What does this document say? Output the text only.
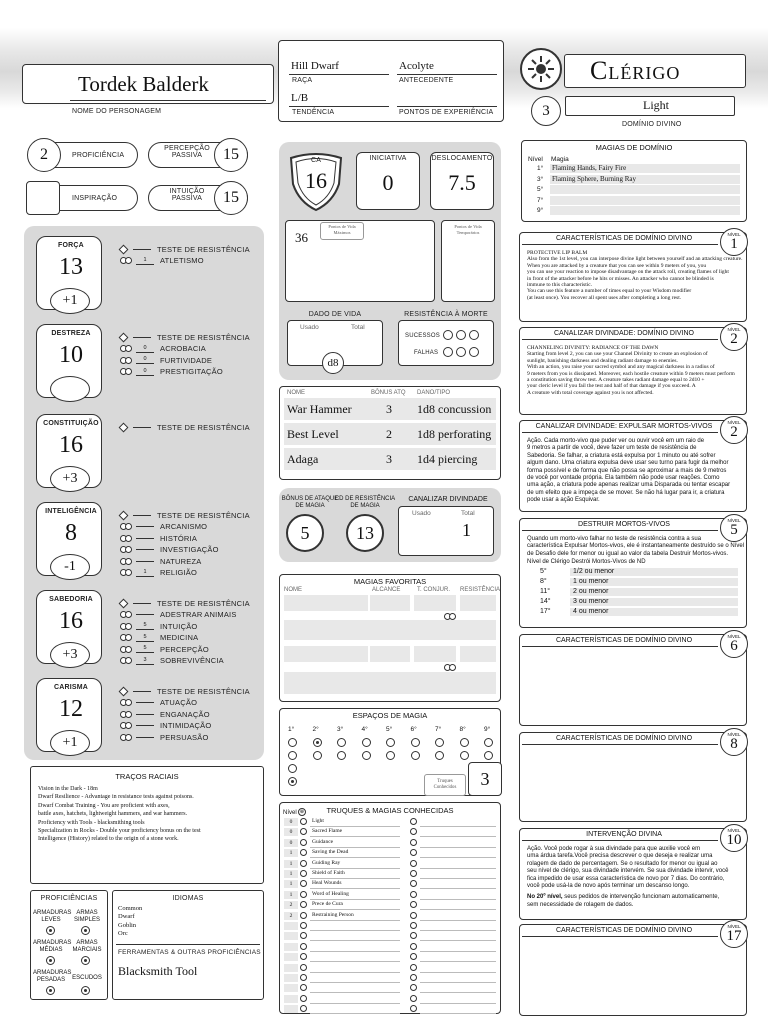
Tordek Balderk
NOME DO PERSONAGEM
Hill Dwarf
RAÇA
Acolyte
ANTECEDENTE
L/B
TENDÊNCIA	PONTOS DE EXPERIÊNCIA
Clérigo
3	Light
DOMÍNIO DIVINO
2	PROFICIÊNCIA
PERCEPÇÃO
PASSIVA	15
INSPIRAÇÃO
INTUIÇÃO
PASSIVA	15
FORÇA
13
+1
TESTE DE RESISTÊNCIA
1	ATLETISMO
DESTREZA
10
TESTE DE RESISTÊNCIA
0	ACROBACIA
0	FURTIVIDADE
0	PRESTIGITAÇÃO
CONSTITUIÇÃO
16
+3
TESTE DE RESISTÊNCIA
INTELIGÊNCIA
8
-1
TESTE DE RESISTÊNCIA
ARCANISMO
HISTÓRIA
INVESTIGAÇÃO
NATUREZA
1	RELIGIÃO
SABEDORIA
16
+3
TESTE DE RESISTÊNCIA
ADESTRAR ANIMAIS
5	INTUIÇÃO
5	MEDICINA
5	PERCEPÇÃO
3	SOBREVIVÊNCIA
CARISMA
12
+1
TESTE DE RESISTÊNCIA
ATUAÇÃO
ENGANAÇÃO
INTIMIDAÇÃO
PERSUASÃO
TRAÇOS RACIAIS
Vision in the Dark - 18m
Dwarf Resilience - Advantage in resistance tests against poisons.
Dwarf Combat Training - You are proficient with axes,
battle axes, hatchets, lightweight hammers, and war hammers.
Proficiency with Tools - blacksmithing tools
Specialization in Rocks - Double your proficiency bonus on the test
Intelligence (History) related to the origin of a stone work.
PROFICIÊNCIAS
ARMADURAS LEVES
ARMAS SIMPLES
ARMADURAS MÉDIAS
ARMAS MARCIAIS
ARMADURAS PESADAS	ESCUDOS
IDIOMAS
Common
Dwarf
Goblin
Orc
FERRAMENTAS & OUTRAS PROFICIÊNCIAS
Blacksmith Tool
CA
16
INICIATIVA
0
DESLOCAMENTO
7.5
36
Pontos de Vida Máximos
Pontos de Vida Temporários
DADO DE VIDA
Usado	Total
d8
RESISTÊNCIA À MORTE
SUCESSOS
FALHAS
NOME	BÔNUS ATQ DANO/TIPO
War Hammer	3 1d8 concussion
Best Level	2 1d8 perforating
Adaga	3 1d4 piercing
BÔNUS DE ATAQUE DE MAGIA
5
CD DE RESISTÊNCIA DE MAGIA
13
CANALIZAR DIVINDADE
Usado	Total
1
MAGIAS FAVORITAS
NOME	ALCANCE	T. CONJUR. RESISTÊNCIA
ESPAÇOS DE MAGIA
1°	2°	3°	4°	5°	6°	7°	8°	9°
Truques Conhecidos	3
TRUQUES & MAGIAS CONHECIDAS
Nível ⊕
0	Light
0	Sacred Flame
0	Guidance
1	Saving the Dead
1	Guiding Ray
1	Shield of Faith
1	Heal Wounds
1	Word of Healing
2	Prece de Cura
2	Restraining Person
MAGIAS DE DOMÍNIO
Nível Magia
1° Flaming Hands, Fairy Fire
3° Flaming Sphere, Burning Ray
5°
7°
9°
CARACTERÍSTICAS DE DOMÍNIO DIVINO
NÍVEL
1
PROTECTIVE LIP BALM
Also from the 1st level, you can interpose divine light between yourself and an attacking creature.
When you are attacked by a creature that you can see within 9 meters of you, you
you can use your reaction to impose disadvantage on the attack roll, creating flames of light
in front of the attacker before he hits or misses. An attacker who cannot be blinded is
immune to this characteristic.
You can use this feature a number of times equal to your Wisdom modifier
(at least once). You recover all spent uses after completing a long rest.
CANALIZAR DIVINDADE: DOMÍNIO DIVINO
NÍVEL
2
CHANNELING DIVINITY: RADIANCE OF THE DAWN
Starting from level 2, you can use your Channel Divinity to create an explosion of
sunlight, banishing darkness and dealing radiant damage to enemies.
With an action, you raise your sacred symbol and any magical darkness in a radius of
9 meters from you is dissipated. Moreover, each hostile creature within 9 meters must perform
a constitution saving throw test. A creature takes radiant damage equal to 2d10 +
your cleric level if you fail the test and half of that damage if you succeed. A
A creature with total coverage against you is not affected.
CANALIZAR DIVINDADE: EXPULSAR MORTOS-VIVOS
NÍVEL
2
Ação. Cada morto-vivo que puder ver ou ouvir você em um raio de
9 metros a partir de você, deve fazer um teste de resistência de
Sabedoria. Se falhar, a criatura está expulsa por 1 minuto ou até sofrer
algum dano. Uma criatura expulsa deve usar seu turno para fugir da melhor
forma possível e de forma que não possa se aproximar a mais de 9 metros
de você por vontade própria. Ela também não pode usar reações. Como
uma ação, a criatura pode apenas realizar uma Disparada ou tentar escapar
de um efeito que a impeça de se mover. Se não há lugar para ir, a criatura
pode usar a ação Esquivar.
DESTRUIR MORTOS-VIVOS
NÍVEL
5
Quando um morto-vivo falhar no teste de resistência contra a sua
característica Expulsar Mortos-vivos, ele é instantaneamente destruído se o Nível
de Desafio dele for menor ou igual ao valor da tabela Destruir Mortos-vivos.
Nível de Clérigo Destrói Mortos-Vivos de ND
5°	1/2 ou menor
8°	1 ou menor
11°	2 ou menor
14°	3 ou menor
17°	4 ou menor
CARACTERÍSTICAS DE DOMÍNIO DIVINO
NÍVEL
6
CARACTERÍSTICAS DE DOMÍNIO DIVINO
NÍVEL
8
INTERVENÇÃO DIVINA
NÍVEL
10
Ação. Você pode rogar à sua divindade para que auxilie você em
uma árdua tarefa.Você precisa descrever o que deseja e realizar uma
rolagem de dado de percentagem. Se o resultado for menor ou igual ao
seu nível de clérigo, sua divindade intervém. Se sua divindade intervir, você
fica impedido de usar essa característica de novo por 7 dias. Do contrário,
você pode usá-la de novo após terminar um descanso longo.
No 20º nível, seus pedidos de intervenção funcionam automaticamente,
sem necessidade de rolagem de dados.
CARACTERÍSTICAS DE DOMÍNIO DIVINO
NÍVEL
17
